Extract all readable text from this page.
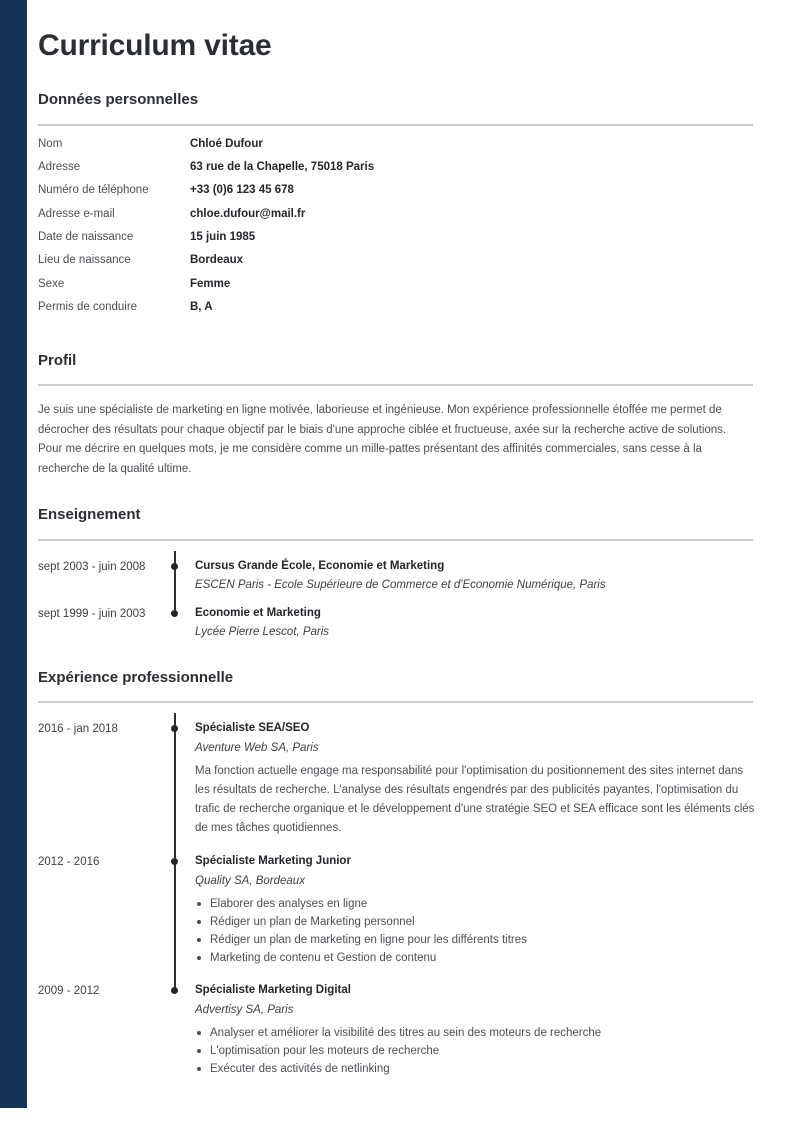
Curriculum vitae
Données personnelles
Nom	Chloé Dufour
Adresse	63 rue de la Chapelle, 75018 Paris
Numéro de téléphone	+33 (0)6 123 45 678
Adresse e-mail	chloe.dufour@mail.fr
Date de naissance	15 juin 1985
Lieu de naissance	Bordeaux
Sexe	Femme
Permis de conduire	B, A
Profil

Je suis une spécialiste de marketing en ligne motivée, laborieuse et ingénieuse. Mon expérience professionnelle étoffée me permet de décrocher des résultats pour chaque objectif par le biais d'une approche ciblée et fructueuse, axée sur la recherche active de solutions. Pour me décrire en quelques mots, je me considère comme un mille-pattes présentant des affinités commerciales, sans cesse à la recherche de la qualité ultime.

Enseignement
sept 2003 - juin 2008	Cursus Grande École, Economie et Marketing
ESCEN Paris - Ecole Supérieure de Commerce et d'Economie Numérique, Paris
sept 1999 - juin 2003	Economie et Marketing
Lycée Pierre Lescot, Paris
Expérience professionnelle
2016 - jan 2018	Spécialiste SEA/SEO
Aventure Web SA, Paris
Ma fonction actuelle engage ma responsabilité pour l'optimisation du positionnement des sites internet dans les résultats de recherche. L'analyse des résultats engendrés par des publicités payantes, l'optimisation du trafic de recherche organique et le développement d'une stratégie SEO et SEA efficace sont les éléments clés de mes tâches quotidiennes.
2012 - 2016	Spécialiste Marketing Junior
Quality SA, Bordeaux
Elaborer des analyses en ligne
Rédiger un plan de Marketing personnel
Rédiger un plan de marketing en ligne pour les différents titres
Marketing de contenu et Gestion de contenu
2009 - 2012	Spécialiste Marketing Digital
Advertisy SA, Paris
Analyser et améliorer la visibilité des titres au sein des moteurs de recherche
L'optimisation pour les moteurs de recherche
Exécuter des activités de netlinking
